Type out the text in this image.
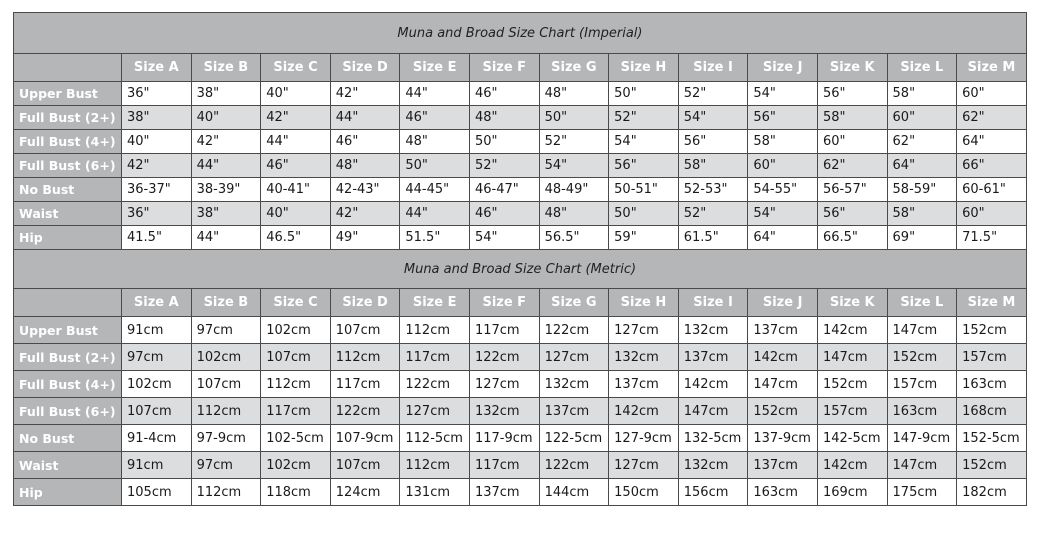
Muna and Broad Size Chart (Imperial)													
	Size A	Size B	Size C	Size D	Size E	Size F	Size G	Size H	Size I	Size J	Size K	Size L	Size M
Upper Bust	36"	38"	40"	42"	44"	46"	48"	50"	52"	54"	56"	58"	60"
Full Bust (2+)	38"	40"	42"	44"	46"	48"	50"	52"	54"	56"	58"	60"	62"
Full Bust (4+)	40"	42"	44"	46"	48"	50"	52"	54"	56"	58"	60"	62"	64"
Full Bust (6+)	42"	44"	46"	48"	50"	52"	54"	56"	58"	60"	62"	64"	66"
No Bust	36-37"	38-39"	40-41"	42-43"	44-45"	46-47"	48-49"	50-51"	52-53"	54-55"	56-57"	58-59"	60-61"
Waist	36"	38"	40"	42"	44"	46"	48"	50"	52"	54"	56"	58"	60"
Hip	41.5"	44"	46.5"	49"	51.5"	54"	56.5"	59"	61.5"	64"	66.5"	69"	71.5"
Muna and Broad Size Chart (Metric)													
	Size A	Size B	Size C	Size D	Size E	Size F	Size G	Size H	Size I	Size J	Size K	Size L	Size M
Upper Bust	91cm	97cm	102cm	107cm	112cm	117cm	122cm	127cm	132cm	137cm	142cm	147cm	152cm
Full Bust (2+)	97cm	102cm	107cm	112cm	117cm	122cm	127cm	132cm	137cm	142cm	147cm	152cm	157cm
Full Bust (4+)	102cm	107cm	112cm	117cm	122cm	127cm	132cm	137cm	142cm	147cm	152cm	157cm	163cm
Full Bust (6+)	107cm	112cm	117cm	122cm	127cm	132cm	137cm	142cm	147cm	152cm	157cm	163cm	168cm
No Bust	91-4cm	97-9cm	102-5cm	107-9cm	112-5cm	117-9cm	122-5cm	127-9cm	132-5cm	137-9cm	142-5cm	147-9cm	152-5cm
Waist	91cm	97cm	102cm	107cm	112cm	117cm	122cm	127cm	132cm	137cm	142cm	147cm	152cm
Hip	105cm	112cm	118cm	124cm	131cm	137cm	144cm	150cm	156cm	163cm	169cm	175cm	182cm
